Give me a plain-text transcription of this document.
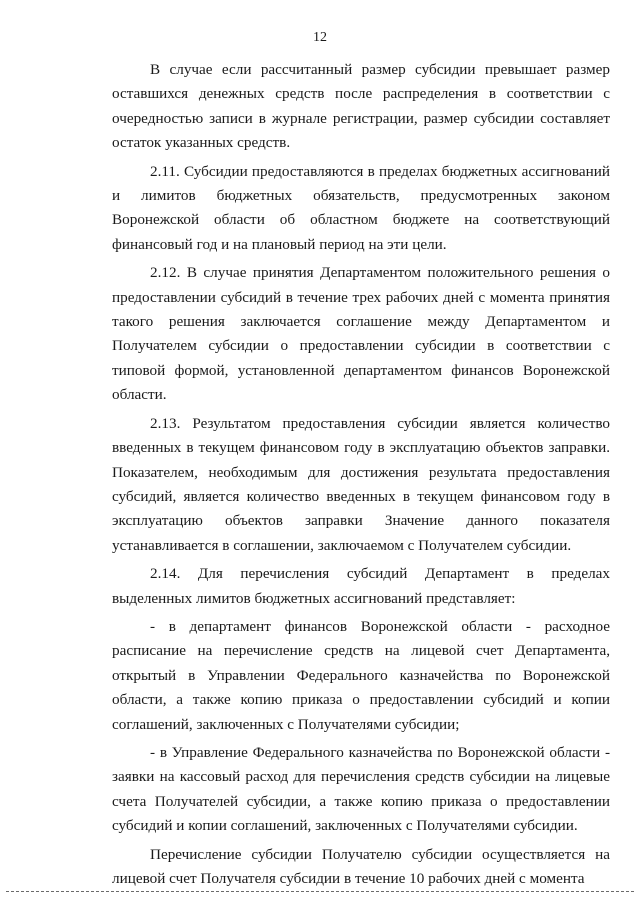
12

В случае если рассчитанный размер субсидии превышает размер оставшихся денежных средств после распределения в соответствии с очередностью записи в журнале регистрации, размер субсидии составляет остаток указанных средств.

2.11. Субсидии предоставляются в пределах бюджетных ассигнований и лимитов бюджетных обязательств, предусмотренных законом Воронежской области об областном бюджете на соответствующий финансовый год и на плановый период на эти цели.

2.12. В случае принятия Департаментом положительного решения о предоставлении субсидий в течение трех рабочих дней с момента принятия такого решения заключается соглашение между Департаментом и Получателем субсидии о предоставлении субсидии в соответствии с типовой формой, установленной департаментом финансов Воронежской области.

2.13. Результатом предоставления субсидии является количество введенных в текущем финансовом году в эксплуатацию объектов заправки. Показателем, необходимым для достижения результата предоставления субсидий, является количество введенных в текущем финансовом году в эксплуатацию объектов заправки Значение данного показателя устанавливается в соглашении, заключаемом с Получателем субсидии.

2.14. Для перечисления субсидий Департамент в пределах выделенных лимитов бюджетных ассигнований представляет:

- в департамент финансов Воронежской области - расходное расписание на перечисление средств на лицевой счет Департамента, открытый в Управлении Федерального казначейства по Воронежской области, а также копию приказа о предоставлении субсидий и копии соглашений, заключенных с Получателями субсидии;

- в Управление Федерального казначейства по Воронежской области - заявки на кассовый расход для перечисления средств субсидии на лицевые счета Получателей субсидии, а также копию приказа о предоставлении субсидий и копии соглашений, заключенных с Получателями субсидии.

Перечисление субсидии Получателю субсидии осуществляется на лицевой счет Получателя субсидии в течение 10 рабочих дней с момента
